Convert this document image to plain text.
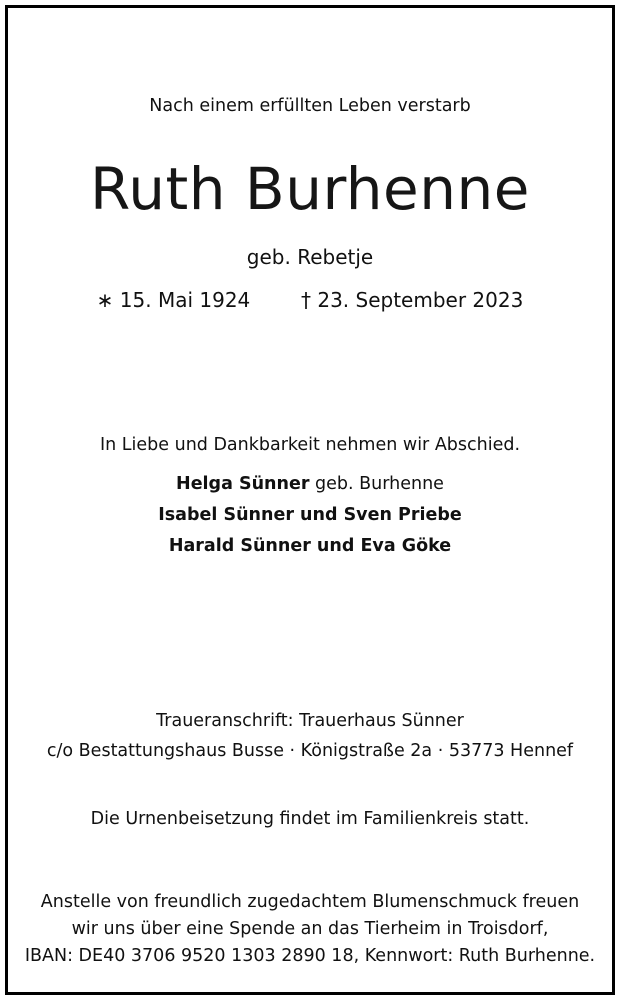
Nach einem erfüllten Leben verstarb
Ruth Burhenne
geb. Rebetje
∗ 15. Mai 1924	† 23. September 2023
In Liebe und Dankbarkeit nehmen wir Abschied.
Helga Sünner geb. Burhenne
Isabel Sünner und Sven Priebe
Harald Sünner und Eva Göke
Traueranschrift: Trauerhaus Sünner
c/o Bestattungshaus Busse · Königstraße 2a · 53773 Hennef
Die Urnenbeisetzung findet im Familienkreis statt.
Anstelle von freundlich zugedachtem Blumenschmuck freuen
wir uns über eine Spende an das Tierheim in Troisdorf,
IBAN: DE40 3706 9520 1303 2890 18, Kennwort: Ruth Burhenne.
